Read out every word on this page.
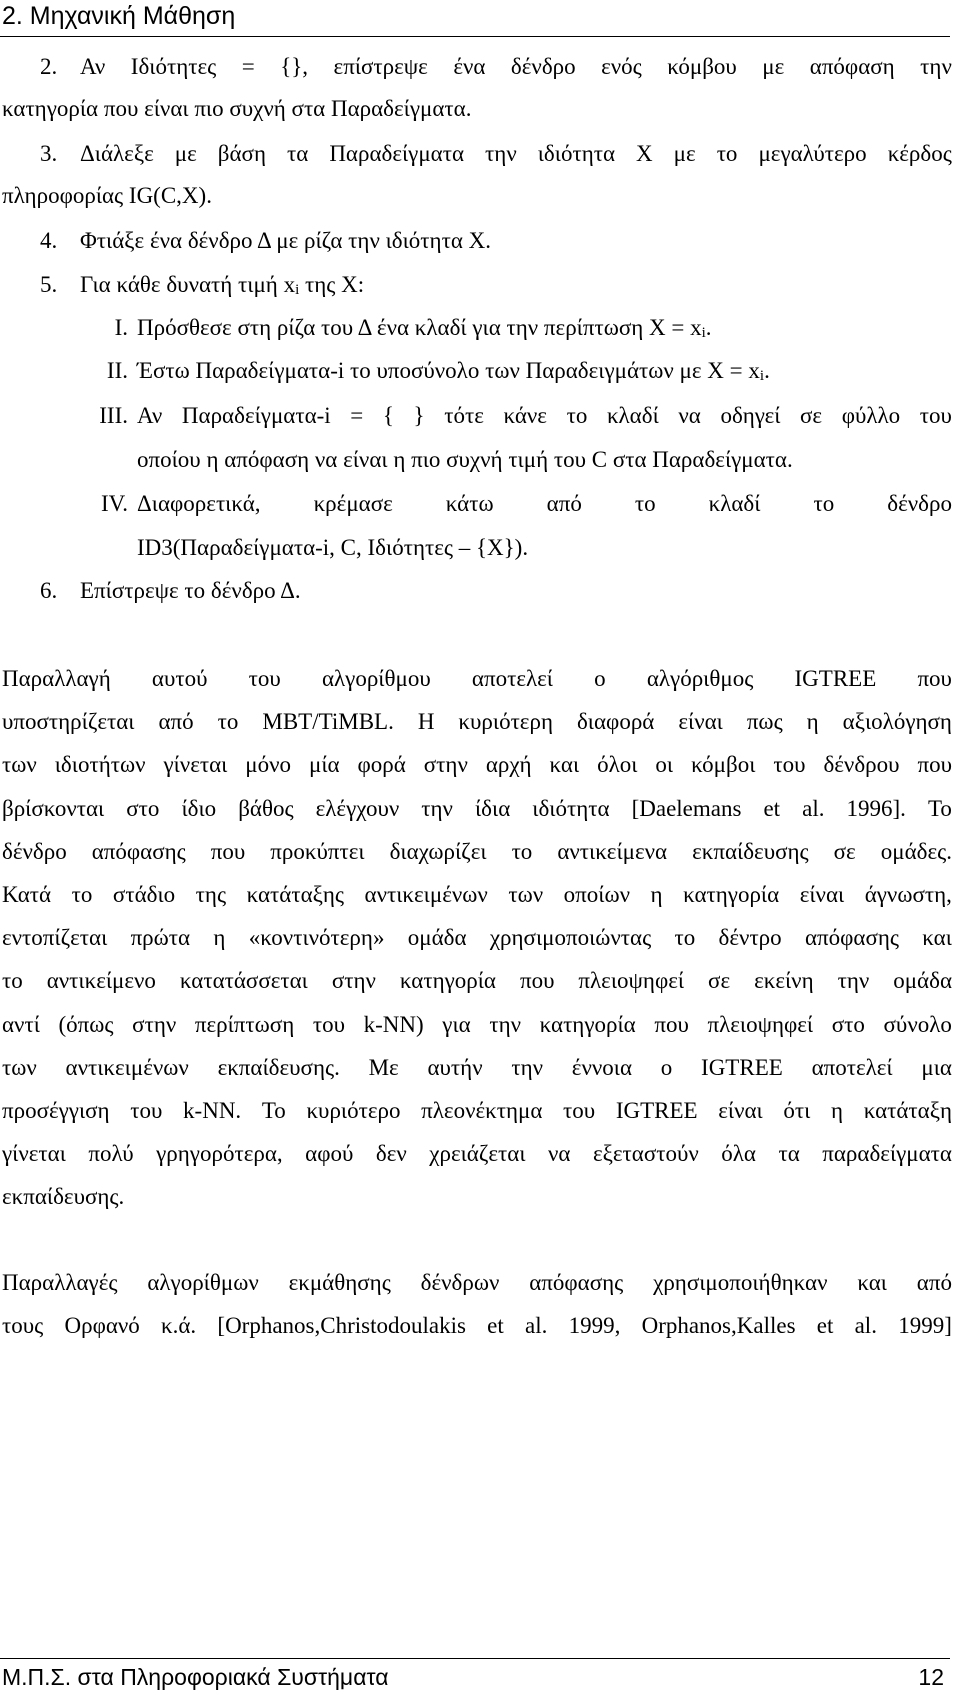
2. Μηχανική Μάθηση
2. Αν Ιδιότητες = {}, επίστρεψε ένα δένδρο ενός κόμβου με απόφαση την
κατηγορία που είναι πιο συχνή στα Παραδείγματα.
3. Διάλεξε με βάση τα Παραδείγματα την ιδιότητα Χ με το μεγαλύτερο κέρδος
πληροφορίας IG(C,X).
4. Φτιάξε ένα δένδρο Δ με ρίζα την ιδιότητα Χ.
5. Για κάθε δυνατή τιμή $x_i$ της Χ:
I. Πρόσθεσε στη ρίζα του Δ ένα κλαδί για την περίπτωση $X = x_i$.
II. Έστω Παραδείγματα-i το υποσύνολο των Παραδειγμάτων με $X = x_i$.
III. Αν Παραδείγματα-i = { } τότε κάνε το κλαδί να οδηγεί σε φύλλο του
οποίου η απόφαση να είναι η πιο συχνή τιμή του C στα Παραδείγματα.
IV. Διαφορετικά, κρέμασε κάτω από το κλαδί το δένδρο
ID3(Παραδείγματα-i, C, Ιδιότητες – {X}).
6. Επίστρεψε το δένδρο Δ.
Παραλλαγή αυτού του αλγορίθμου αποτελεί ο αλγόριθμος IGTREE που
υποστηρίζεται από το MBT/TiMBL. Η κυριότερη διαφορά είναι πως η αξιολόγηση
των ιδιοτήτων γίνεται μόνο μία φορά στην αρχή και όλοι οι κόμβοι του δένδρου που
βρίσκονται στο ίδιο βάθος ελέγχουν την ίδια ιδιότητα [Daelemans et al. 1996]. Το
δένδρο απόφασης που προκύπτει διαχωρίζει το αντικείμενα εκπαίδευσης σε ομάδες.
Κατά το στάδιο της κατάταξης αντικειμένων των οποίων η κατηγορία είναι άγνωστη,
εντοπίζεται πρώτα η «κοντινότερη» ομάδα χρησιμοποιώντας το δέντρο απόφασης και
το αντικείμενο κατατάσσεται στην κατηγορία που πλειοψηφεί σε εκείνη την ομάδα
αντί (όπως στην περίπτωση του k-NN) για την κατηγορία που πλειοψηφεί στο σύνολο
των αντικειμένων εκπαίδευσης. Με αυτήν την έννοια ο IGTREE αποτελεί μια
προσέγγιση του k-NN. Το κυριότερο πλεονέκτημα του IGTREE είναι ότι η κατάταξη
γίνεται πολύ γρηγορότερα, αφού δεν χρειάζεται να εξεταστούν όλα τα παραδείγματα
εκπαίδευσης.
Παραλλαγές αλγορίθμων εκμάθησης δένδρων απόφασης χρησιμοποιήθηκαν και από
τους Ορφανό κ.ά. [Orphanos,Christodoulakis et al. 1999, Orphanos,Kalles et al. 1999]
Μ.Π.Σ. στα Πληροφοριακά Συστήματα	12
